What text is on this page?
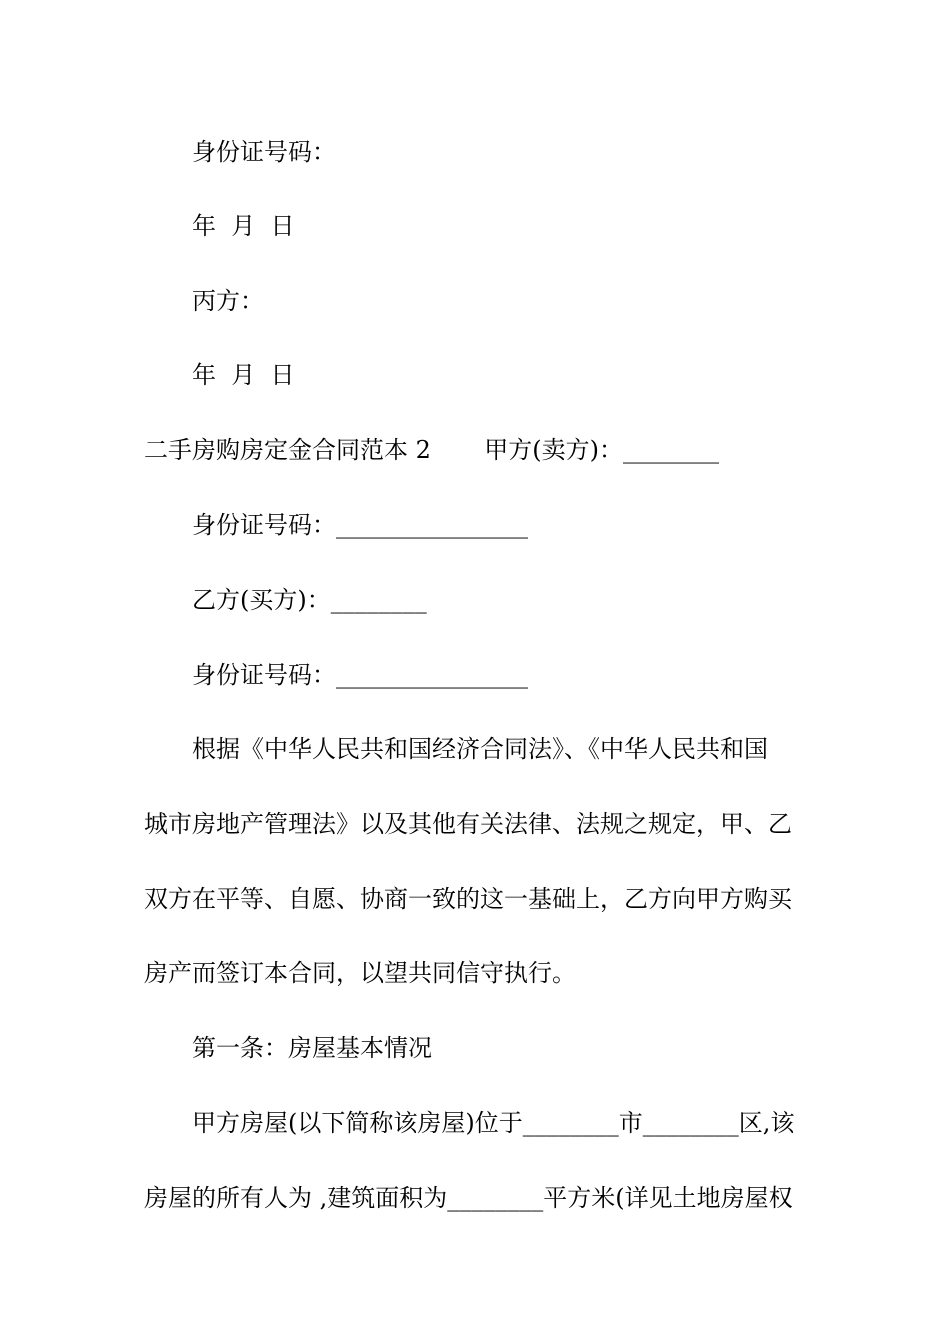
身份证号码：
年  月  日
丙方：
年  月  日
二手房购房定金合同范本 2       甲方(卖方)：________
身份证号码：________________
乙方(买方)：________
身份证号码：________________
根据《中华人民共和国经济合同法》、《中华人民共和国
城市房地产管理法》以及其他有关法律、法规之规定，甲、乙
双方在平等、自愿、协商一致的这一基础上，乙方向甲方购买
房产而签订本合同，以望共同信守执行。
第一条：房屋基本情况
甲方房屋(以下简称该房屋)位于________市________区,该
房屋的所有人为 ,建筑面积为________平方米(详见土地房屋权
